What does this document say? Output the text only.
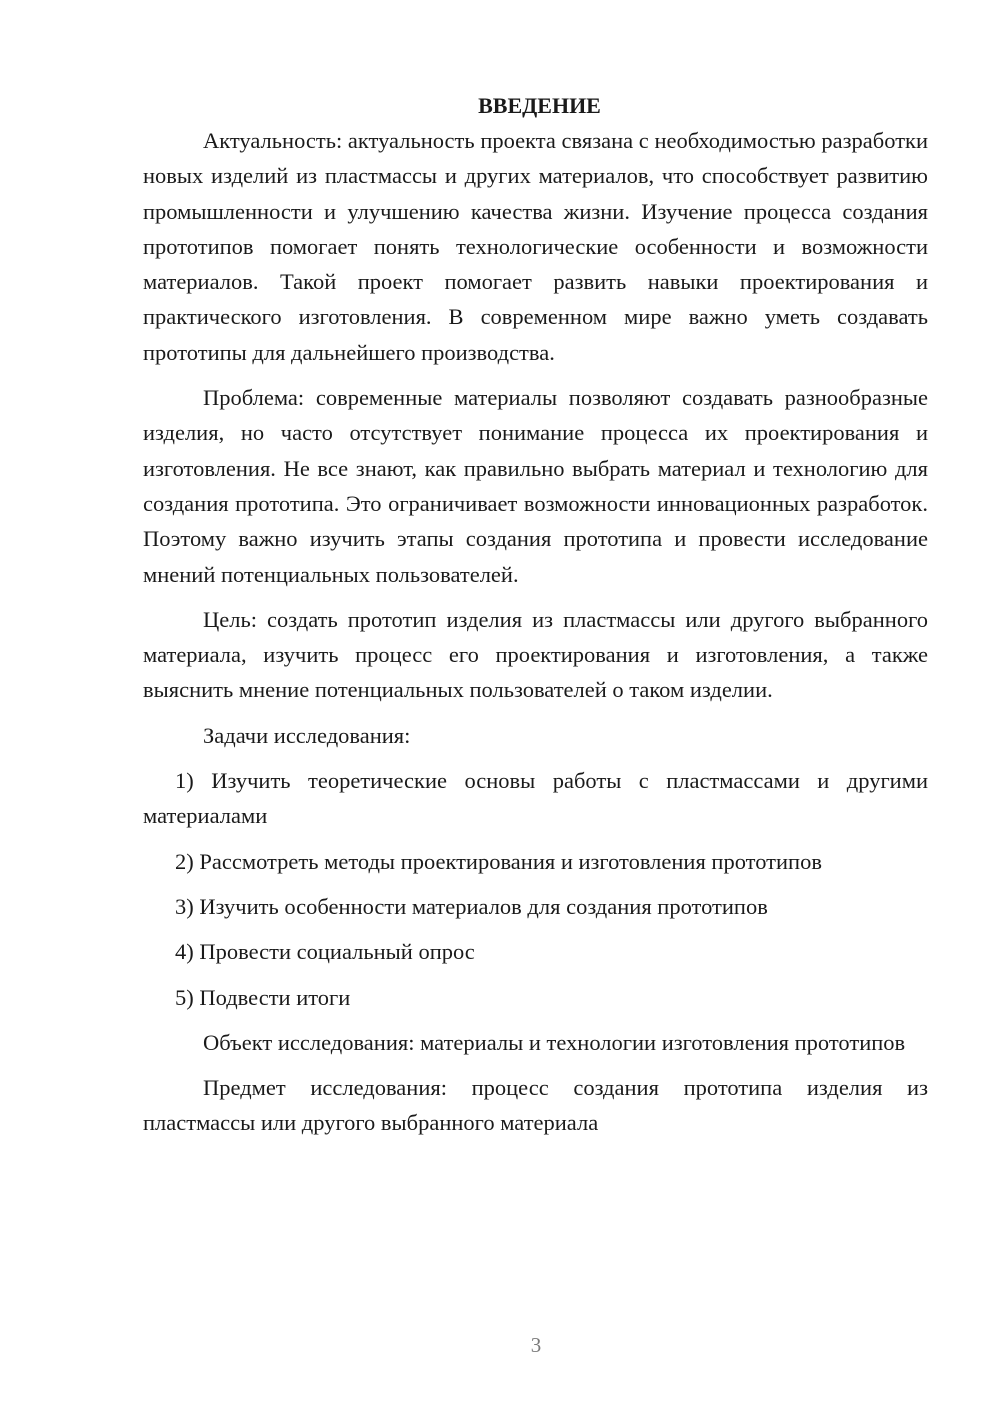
ВВЕДЕНИЕ

Актуальность: актуальность проекта связана с необходимостью разработки новых изделий из пластмассы и других материалов, что способствует развитию промышленности и улучшению качества жизни. Изучение процесса создания прототипов помогает понять технологические особенности и возможности материалов. Такой проект помогает развить навыки проектирования и практического изготовления. В современном мире важно уметь создавать прототипы для дальнейшего производства.

Проблема: современные материалы позволяют создавать разнообразные изделия, но часто отсутствует понимание процесса их проектирования и изготовления. Не все знают, как правильно выбрать материал и технологию для создания прототипа. Это ограничивает возможности инновационных разработок. Поэтому важно изучить этапы создания прототипа и провести исследование мнений потенциальных пользователей.

Цель: создать прототип изделия из пластмассы или другого выбранного материала, изучить процесс его проектирования и изготовления, а также выяснить мнение потенциальных пользователей о таком изделии.

Задачи исследования:

1) Изучить теоретические основы работы с пластмассами и другими материалами

2) Рассмотреть методы проектирования и изготовления прототипов

3) Изучить особенности материалов для создания прототипов

4) Провести социальный опрос

5) Подвести итоги

Объект исследования: материалы и технологии изготовления прототипов

Предмет исследования: процесс создания прототипа изделия из пластмассы или другого выбранного материала

3
